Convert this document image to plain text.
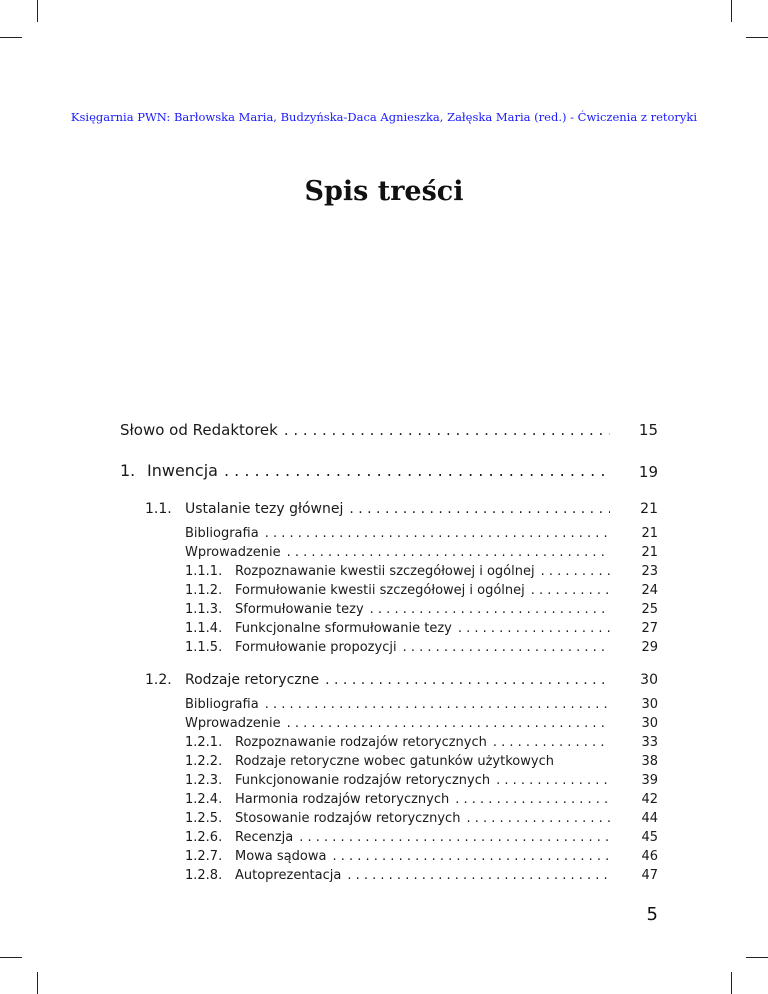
Księgarnia PWN: Barłowska Maria, Budzyńska-Daca Agnieszka, Załęska Maria (red.) - Ćwiczenia z retoryki
Spis treści
Słowo od Redaktorek . . .	15
1. Inwencja . . .	19
1.1. Ustalanie tezy głównej . . .	21
Bibliografia . . .	21
Wprowadzenie . . .	21
1.1.1. Rozpoznawanie kwestii szczegółowej i ogólnej . . .	23
1.1.2. Formułowanie kwestii szczegółowej i ogólnej . . .	24
1.1.3. Sformułowanie tezy . . .	25
1.1.4. Funkcjonalne sformułowanie tezy . . .	27
1.1.5. Formułowanie propozycji . . .	29
1.2. Rodzaje retoryczne . . .	30
Bibliografia . . .	30
Wprowadzenie . . .	30
1.2.1. Rozpoznawanie rodzajów retorycznych . . .	33
1.2.2. Rodzaje retoryczne wobec gatunków użytkowych	38
1.2.3. Funkcjonowanie rodzajów retorycznych . . .	39
1.2.4. Harmonia rodzajów retorycznych . . .	42
1.2.5. Stosowanie rodzajów retorycznych . . .	44
1.2.6. Recenzja . . .	45
1.2.7. Mowa sądowa . . .	46
1.2.8. Autoprezentacja . . .	47
5
